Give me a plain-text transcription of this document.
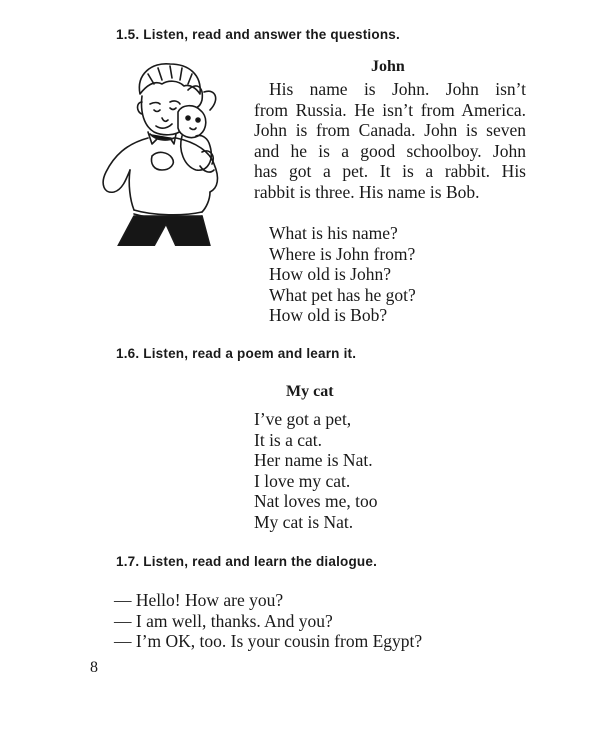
1.5. Listen, read and answer the questions.
John
His name is John. John isn’t
from Russia. He isn’t from America.
John is from Canada. John is seven
and he is a good schoolboy. John
has got a pet. It is a rabbit. His
rabbit is three. His name is Bob.
What is his name?
Where is John from?
How old is John?
What pet has he got?
How old is Bob?
1.6. Listen, read a poem and learn it.
My cat
I’ve got a pet,
It is a cat.
Her name is Nat.
I love my cat.
Nat loves me, too
My cat is Nat.
1.7. Listen, read and learn the dialogue.
— Hello! How are you?
— I am well, thanks. And you?
— I’m OK, too. Is your cousin from Egypt?
8
